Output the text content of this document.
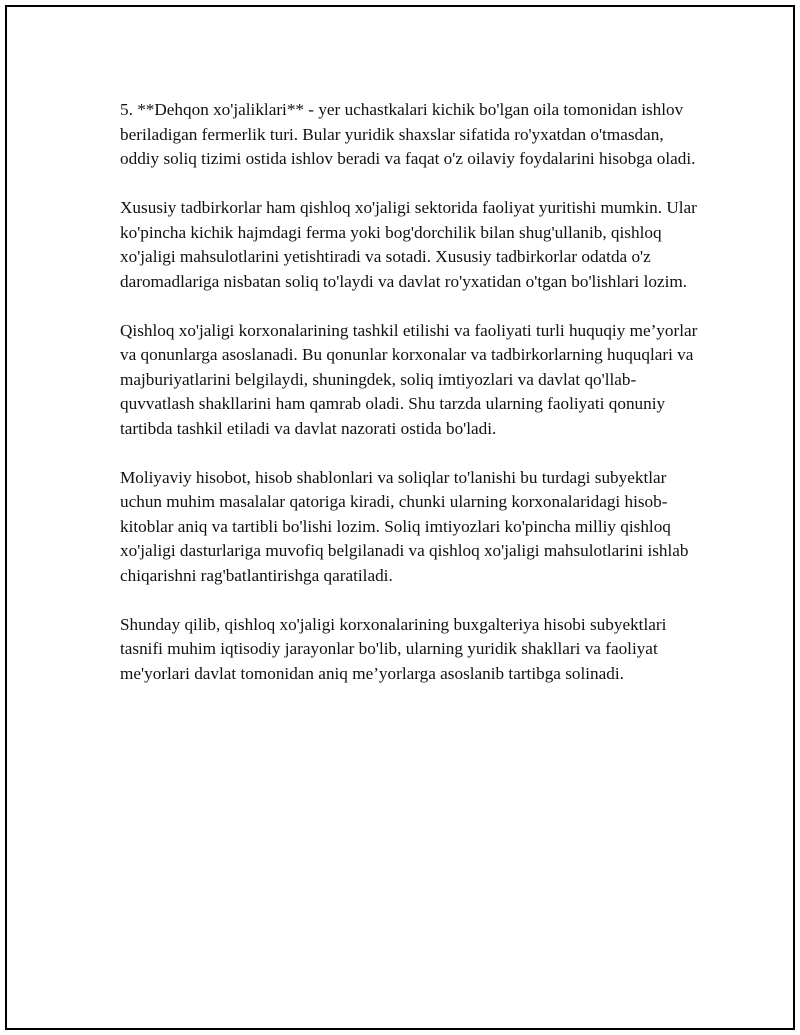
5. **Dehqon xo'jaliklari** - yer uchastkalari kichik bo'lgan oila tomonidan ishlov beriladigan fermerlik turi. Bular yuridik shaxslar sifatida ro'yxatdan o'tmasdan, oddiy soliq tizimi ostida ishlov beradi va faqat o'z oilaviy foydalarini hisobga oladi.

Xususiy tadbirkorlar ham qishloq xo'jaligi sektorida faoliyat yuritishi mumkin. Ular ko'pincha kichik hajmdagi ferma yoki bog'dorchilik bilan shug'ullanib, qishloq xo'jaligi mahsulotlarini yetishtiradi va sotadi. Xususiy tadbirkorlar odatda o'z daromadlariga nisbatan soliq to'laydi va davlat ro'yxatidan o'tgan bo'lishlari lozim.

Qishloq xo'jaligi korxonalarining tashkil etilishi va faoliyati turli huquqiy me’yorlar va qonunlarga asoslanadi. Bu qonunlar korxonalar va tadbirkorlarning huquqlari va majburiyatlarini belgilaydi, shuningdek, soliq imtiyozlari va davlat qo'llab-quvvatlash shakllarini ham qamrab oladi. Shu tarzda ularning faoliyati qonuniy tartibda tashkil etiladi va davlat nazorati ostida bo'ladi.

Moliyaviy hisobot, hisob shablonlari va soliqlar to'lanishi bu turdagi subyektlar uchun muhim masalalar qatoriga kiradi, chunki ularning korxonalaridagi hisob-kitoblar aniq va tartibli bo'lishi lozim. Soliq imtiyozlari ko'pincha milliy qishloq xo'jaligi dasturlariga muvofiq belgilanadi va qishloq xo'jaligi mahsulotlarini ishlab chiqarishni rag'batlantirishga qaratiladi.

Shunday qilib, qishloq xo'jaligi korxonalarining buxgalteriya hisobi subyektlari tasnifi muhim iqtisodiy jarayonlar bo'lib, ularning yuridik shakllari va faoliyat me'yorlari davlat tomonidan aniq me’yorlarga asoslanib tartibga solinadi.
